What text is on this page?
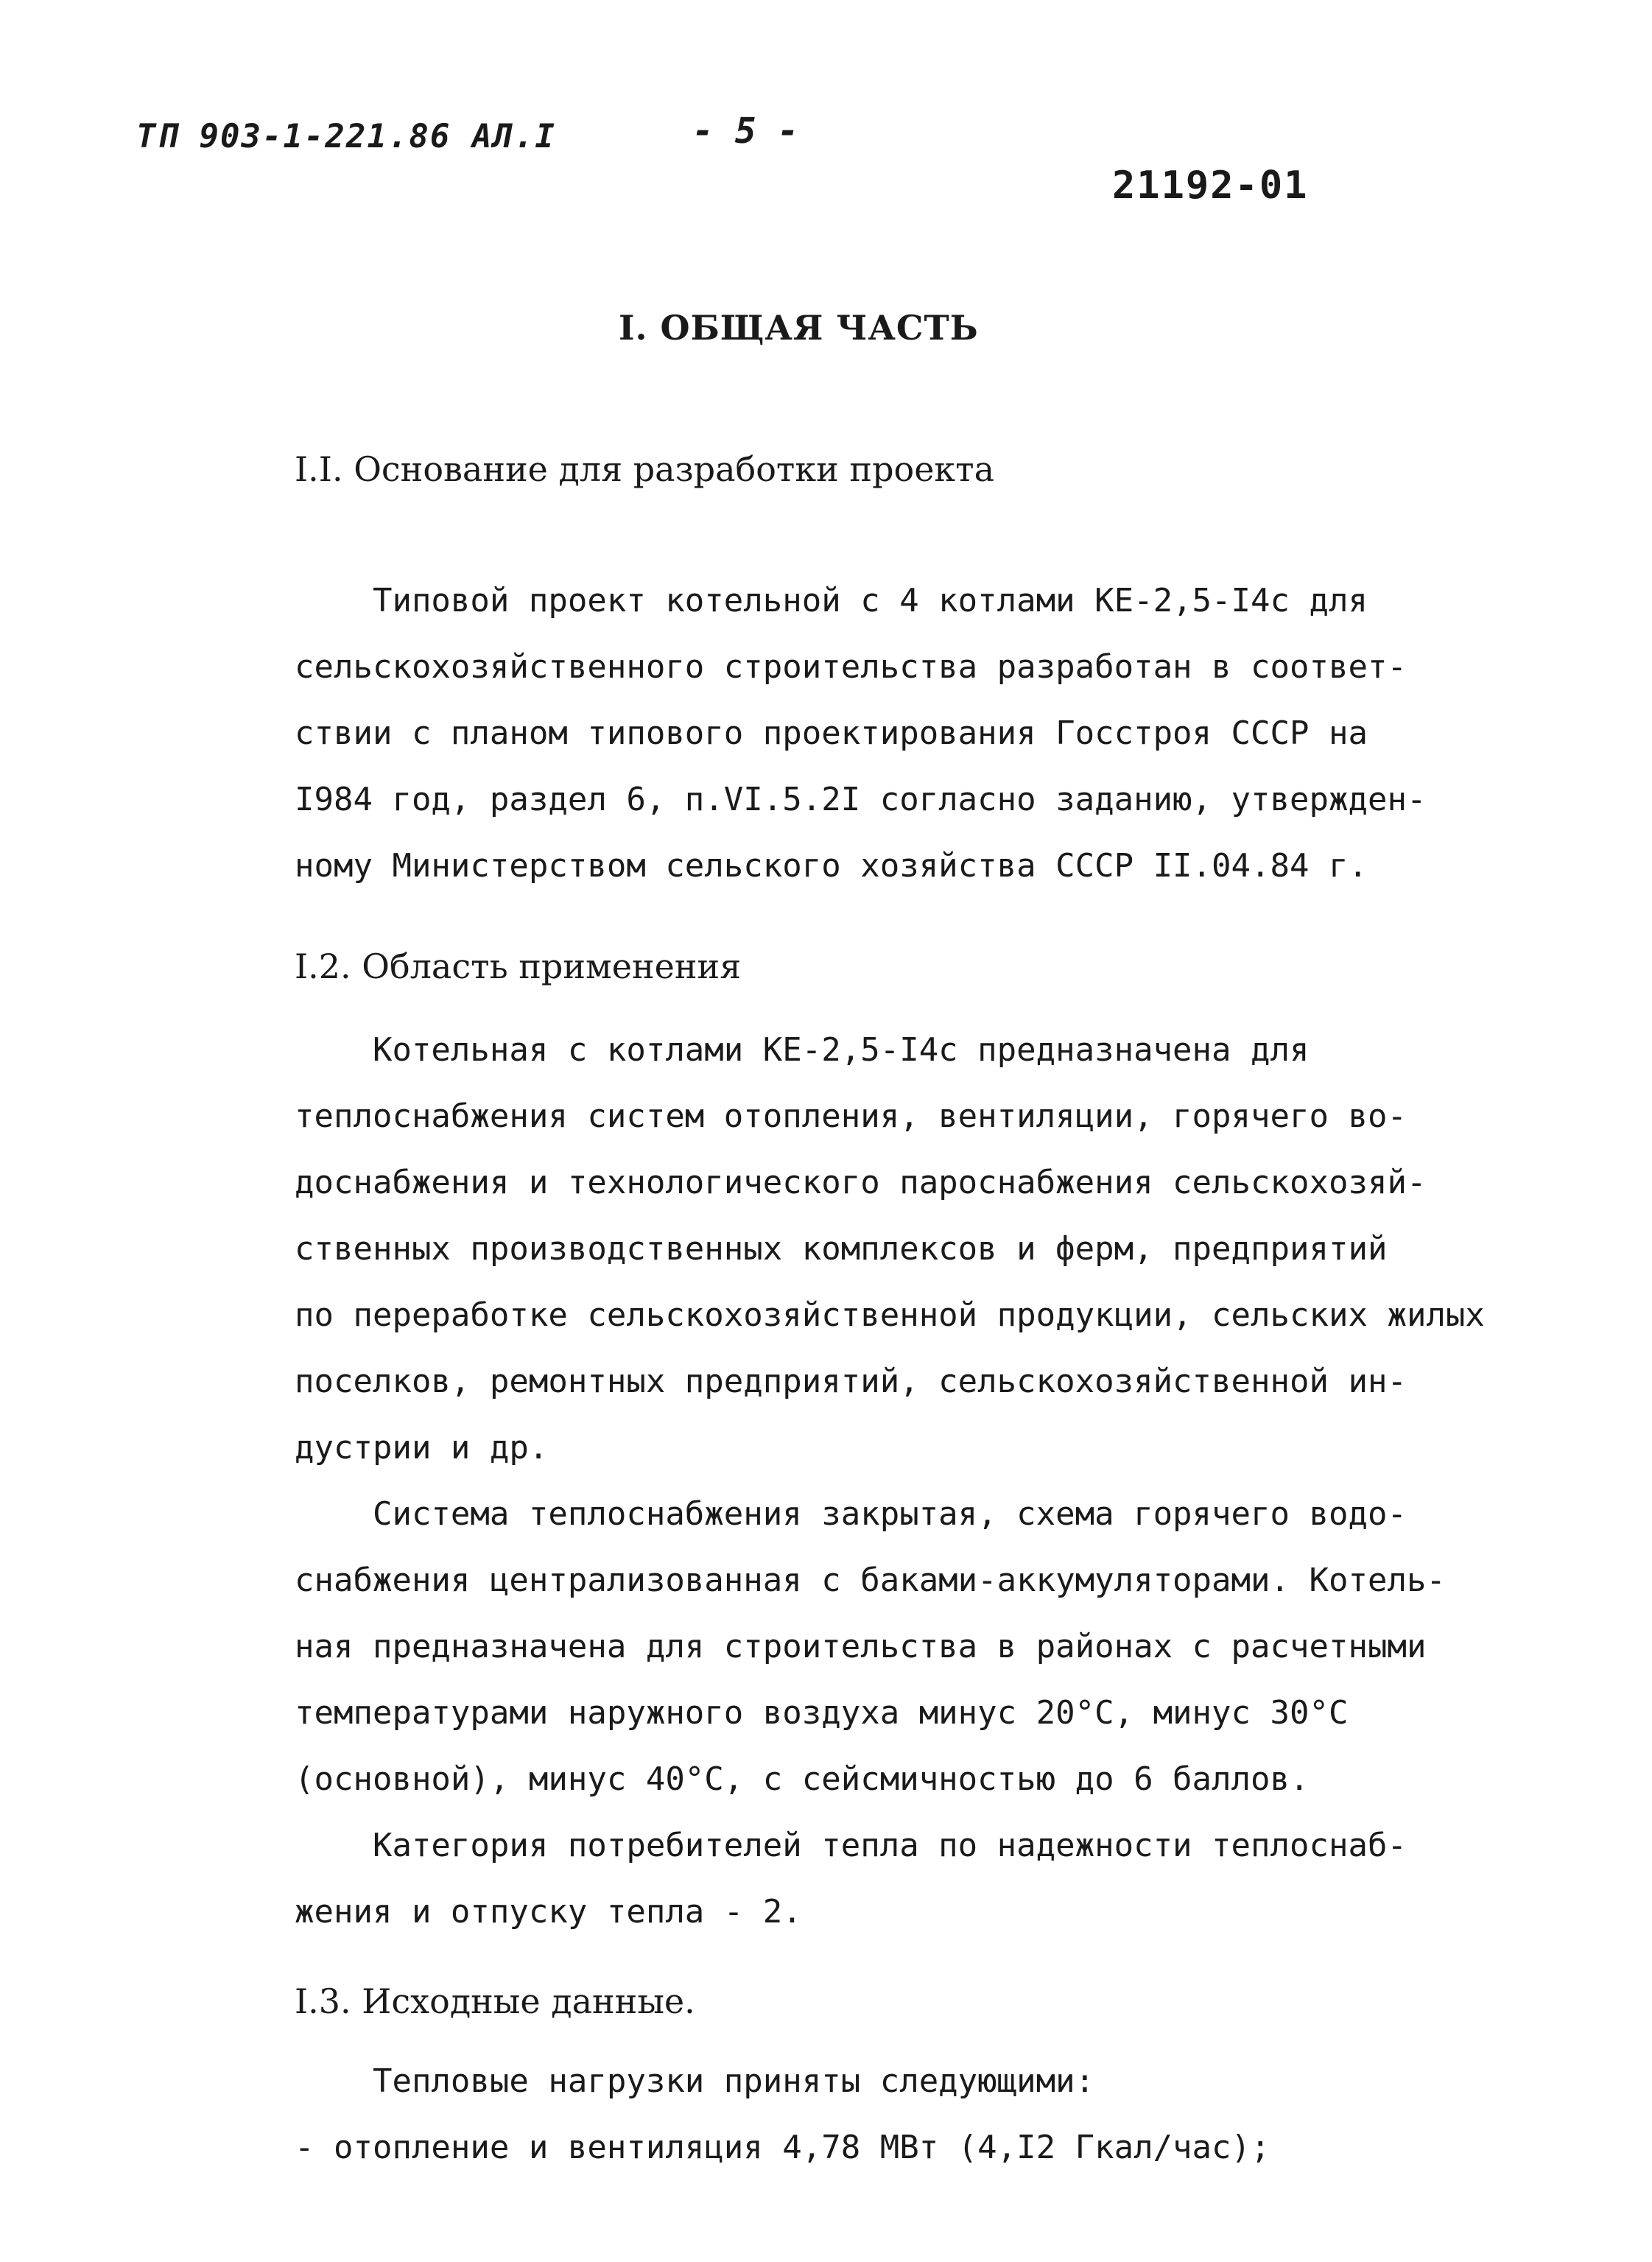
ТП 903-1-221.86 АЛ.I	- 5 -
21192-01
I. ОБЩАЯ ЧАСТЬ
I.I. Основание для разработки проекта
Типовой проект котельной с 4 котлами КЕ-2,5-I4с для
сельскохозяйственного строительства разработан в соответ-
ствии с планом типового проектирования Госстроя СССР на
I984 год, раздел 6, п.VI.5.2I согласно заданию, утвержден-
ному Министерством сельского хозяйства СССР II.04.84 г.
I.2. Область применения
Котельная с котлами КЕ-2,5-I4с предназначена для
теплоснабжения систем отопления, вентиляции, горячего во-
доснабжения и технологического пароснабжения сельскохозяй-
ственных производственных комплексов и ферм, предприятий
по переработке сельскохозяйственной продукции, сельских жилых
поселков, ремонтных предприятий, сельскохозяйственной ин-
дустрии и др.
Система теплоснабжения закрытая, схема горячего водо-
снабжения централизованная с баками-аккумуляторами. Котель-
ная предназначена для строительства в районах с расчетными
температурами наружного воздуха минус 20°С, минус 30°С
(основной), минус 40°С, с сейсмичностью до 6 баллов.
Категория потребителей тепла по надежности теплоснаб-
жения и отпуску тепла - 2.
I.3. Исходные данные.
Тепловые нагрузки приняты следующими:
- отопление и вентиляция 4,78 МВт (4,I2 Гкал/час);
